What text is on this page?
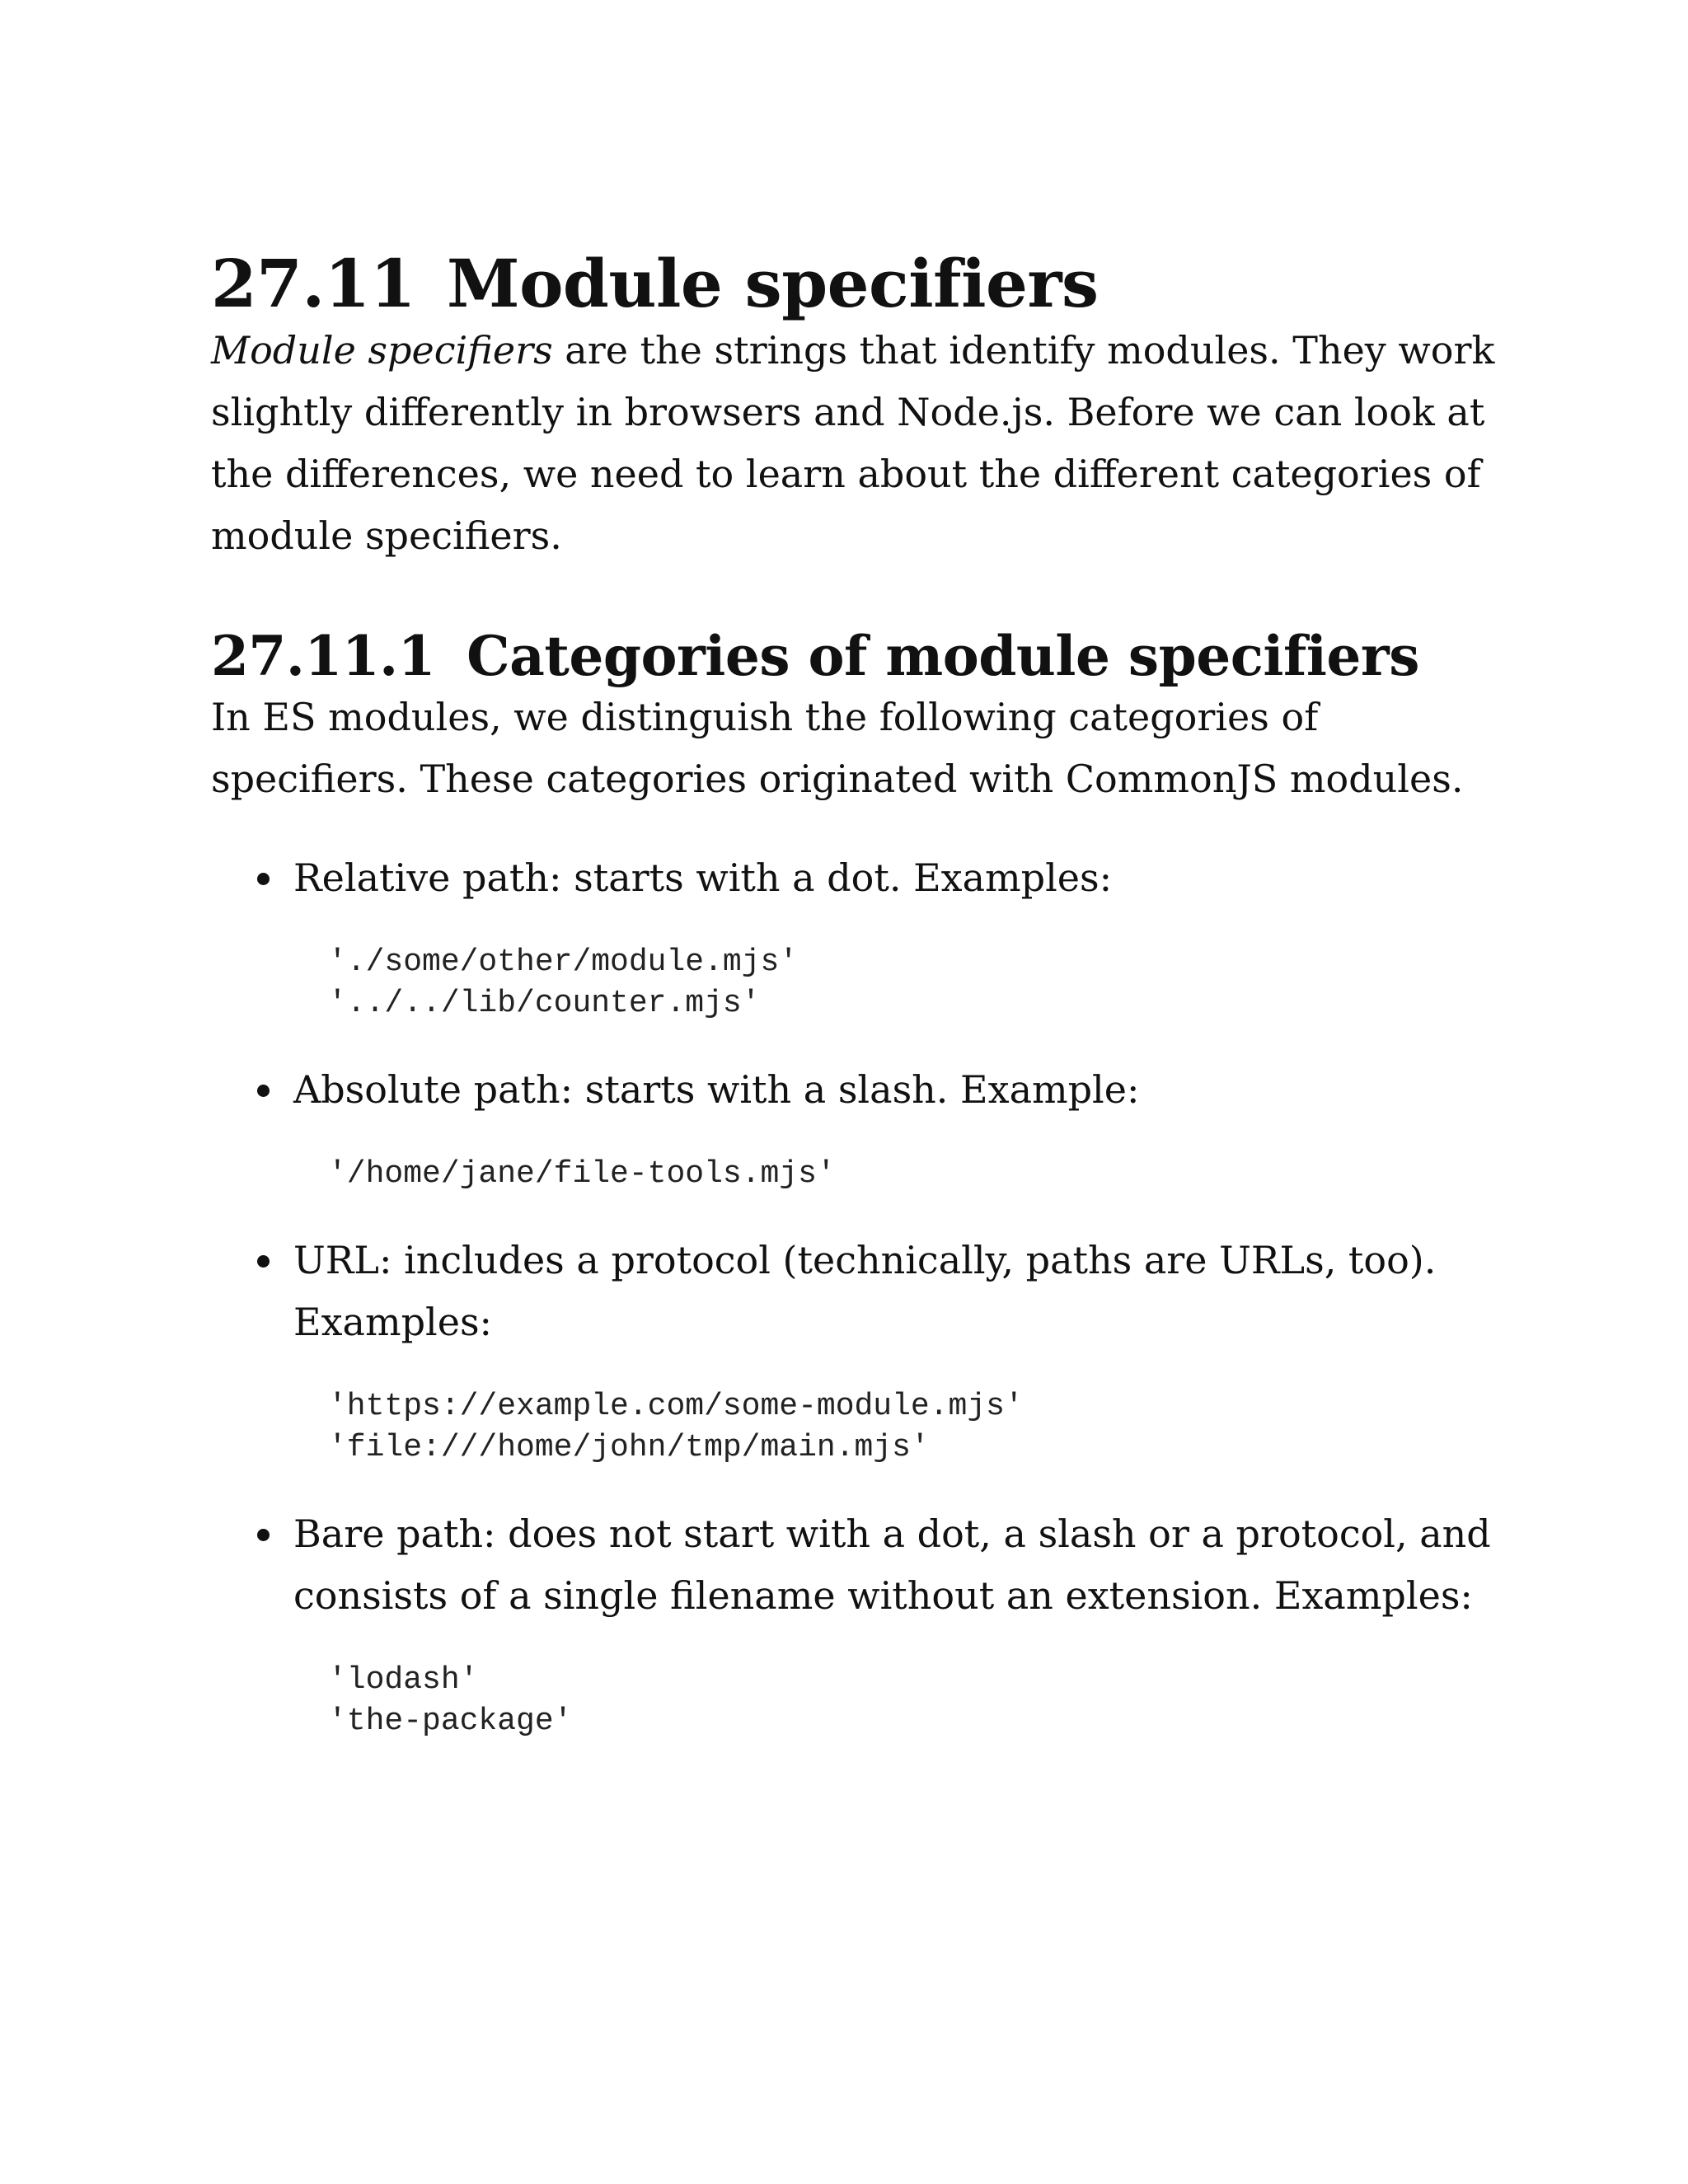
27.11 Module specifiers

Module specifiers are the strings that identify modules. They work slightly differently in browsers and Node.js. Before we can look at the differences, we need to learn about the different categories of module specifiers.

27.11.1 Categories of module specifiers

In ES modules, we distinguish the following categories of specifiers. These categories originated with CommonJS modules.

Relative path: starts with a dot. Examples:

'./some/other/module.mjs'
'../../lib/counter.mjs'

Absolute path: starts with a slash. Example:

'/home/jane/file-tools.mjs'

URL: includes a protocol (technically, paths are URLs, too). Examples:

'https://example.com/some-module.mjs'
'file:///home/john/tmp/main.mjs'

Bare path: does not start with a dot, a slash or a protocol, and consists of a single filename without an extension. Examples:

'lodash'
'the-package'
